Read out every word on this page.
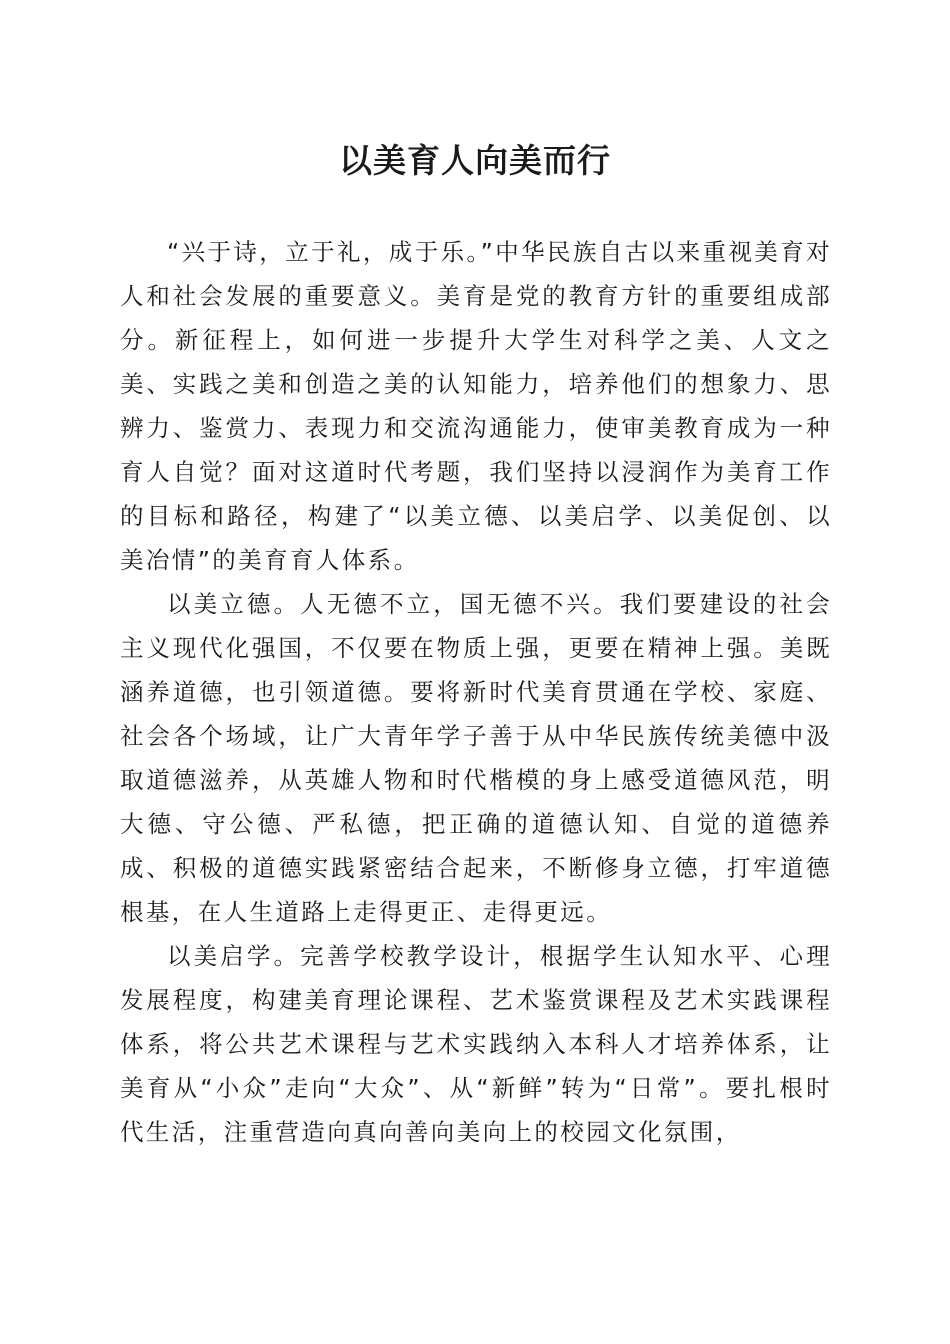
以美育人向美而行

“兴于诗，立于礼，成于乐。”中华民族自古以来重视美育对人和社会发展的重要意义。美育是党的教育方针的重要组成部分。新征程上，如何进一步提升大学生对科学之美、人文之美、实践之美和创造之美的认知能力，培养他们的想象力、思辨力、鉴赏力、表现力和交流沟通能力，使审美教育成为一种育人自觉？面对这道时代考题，我们坚持以浸润作为美育工作的目标和路径，构建了“以美立德、以美启学、以美促创、以美冶情”的美育育人体系。

以美立德。人无德不立，国无德不兴。我们要建设的社会主义现代化强国，不仅要在物质上强，更要在精神上强。美既涵养道德，也引领道德。要将新时代美育贯通在学校、家庭、社会各个场域，让广大青年学子善于从中华民族传统美德中汲取道德滋养，从英雄人物和时代楷模的身上感受道德风范，明大德、守公德、严私德，把正确的道德认知、自觉的道德养成、积极的道德实践紧密结合起来，不断修身立德，打牢道德根基，在人生道路上走得更正、走得更远。

以美启学。完善学校教学设计，根据学生认知水平、心理发展程度，构建美育理论课程、艺术鉴赏课程及艺术实践课程体系，将公共艺术课程与艺术实践纳入本科人才培养体系，让美育从“小众”走向“大众”、从“新鲜”转为“日常”。要扎根时代生活，注重营造向真向善向美向上的校园文化氛围，
